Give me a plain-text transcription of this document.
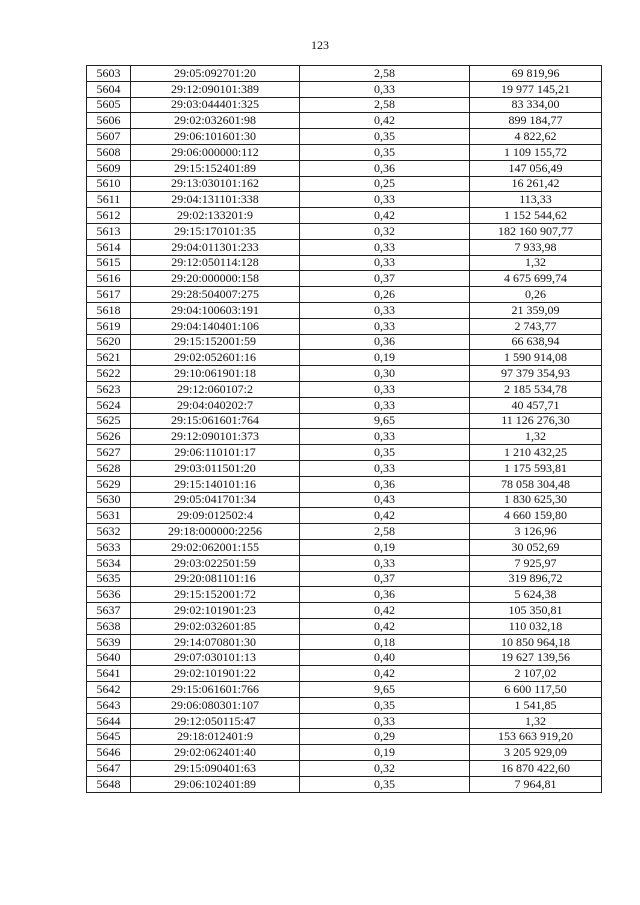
123
5603	29:05:092701:20	2,58	69 819,96
5604	29:12:090101:389	0,33	19 977 145,21
5605	29:03:044401:325	2,58	83 334,00
5606	29:02:032601:98	0,42	899 184,77
5607	29:06:101601:30	0,35	4 822,62
5608	29:06:000000:112	0,35	1 109 155,72
5609	29:15:152401:89	0,36	147 056,49
5610	29:13:030101:162	0,25	16 261,42
5611	29:04:131101:338	0,33	113,33
5612	29:02:133201:9	0,42	1 152 544,62
5613	29:15:170101:35	0,32	182 160 907,77
5614	29:04:011301:233	0,33	7 933,98
5615	29:12:050114:128	0,33	1,32
5616	29:20:000000:158	0,37	4 675 699,74
5617	29:28:504007:275	0,26	0,26
5618	29:04:100603:191	0,33	21 359,09
5619	29:04:140401:106	0,33	2 743,77
5620	29:15:152001:59	0,36	66 638,94
5621	29:02:052601:16	0,19	1 590 914,08
5622	29:10:061901:18	0,30	97 379 354,93
5623	29:12:060107:2	0,33	2 185 534,78
5624	29:04:040202:7	0,33	40 457,71
5625	29:15:061601:764	9,65	11 126 276,30
5626	29:12:090101:373	0,33	1,32
5627	29:06:110101:17	0,35	1 210 432,25
5628	29:03:011501:20	0,33	1 175 593,81
5629	29:15:140101:16	0,36	78 058 304,48
5630	29:05:041701:34	0,43	1 830 625,30
5631	29:09:012502:4	0,42	4 660 159,80
5632	29:18:000000:2256	2,58	3 126,96
5633	29:02:062001:155	0,19	30 052,69
5634	29:03:022501:59	0,33	7 925,97
5635	29:20:081101:16	0,37	319 896,72
5636	29:15:152001:72	0,36	5 624,38
5637	29:02:101901:23	0,42	105 350,81
5638	29:02:032601:85	0,42	110 032,18
5639	29:14:070801:30	0,18	10 850 964,18
5640	29:07:030101:13	0,40	19 627 139,56
5641	29:02:101901:22	0,42	2 107,02
5642	29:15:061601:766	9,65	6 600 117,50
5643	29:06:080301:107	0,35	1 541,85
5644	29:12:050115:47	0,33	1,32
5645	29:18:012401:9	0,29	153 663 919,20
5646	29:02:062401:40	0,19	3 205 929,09
5647	29:15:090401:63	0,32	16 870 422,60
5648	29:06:102401:89	0,35	7 964,81
